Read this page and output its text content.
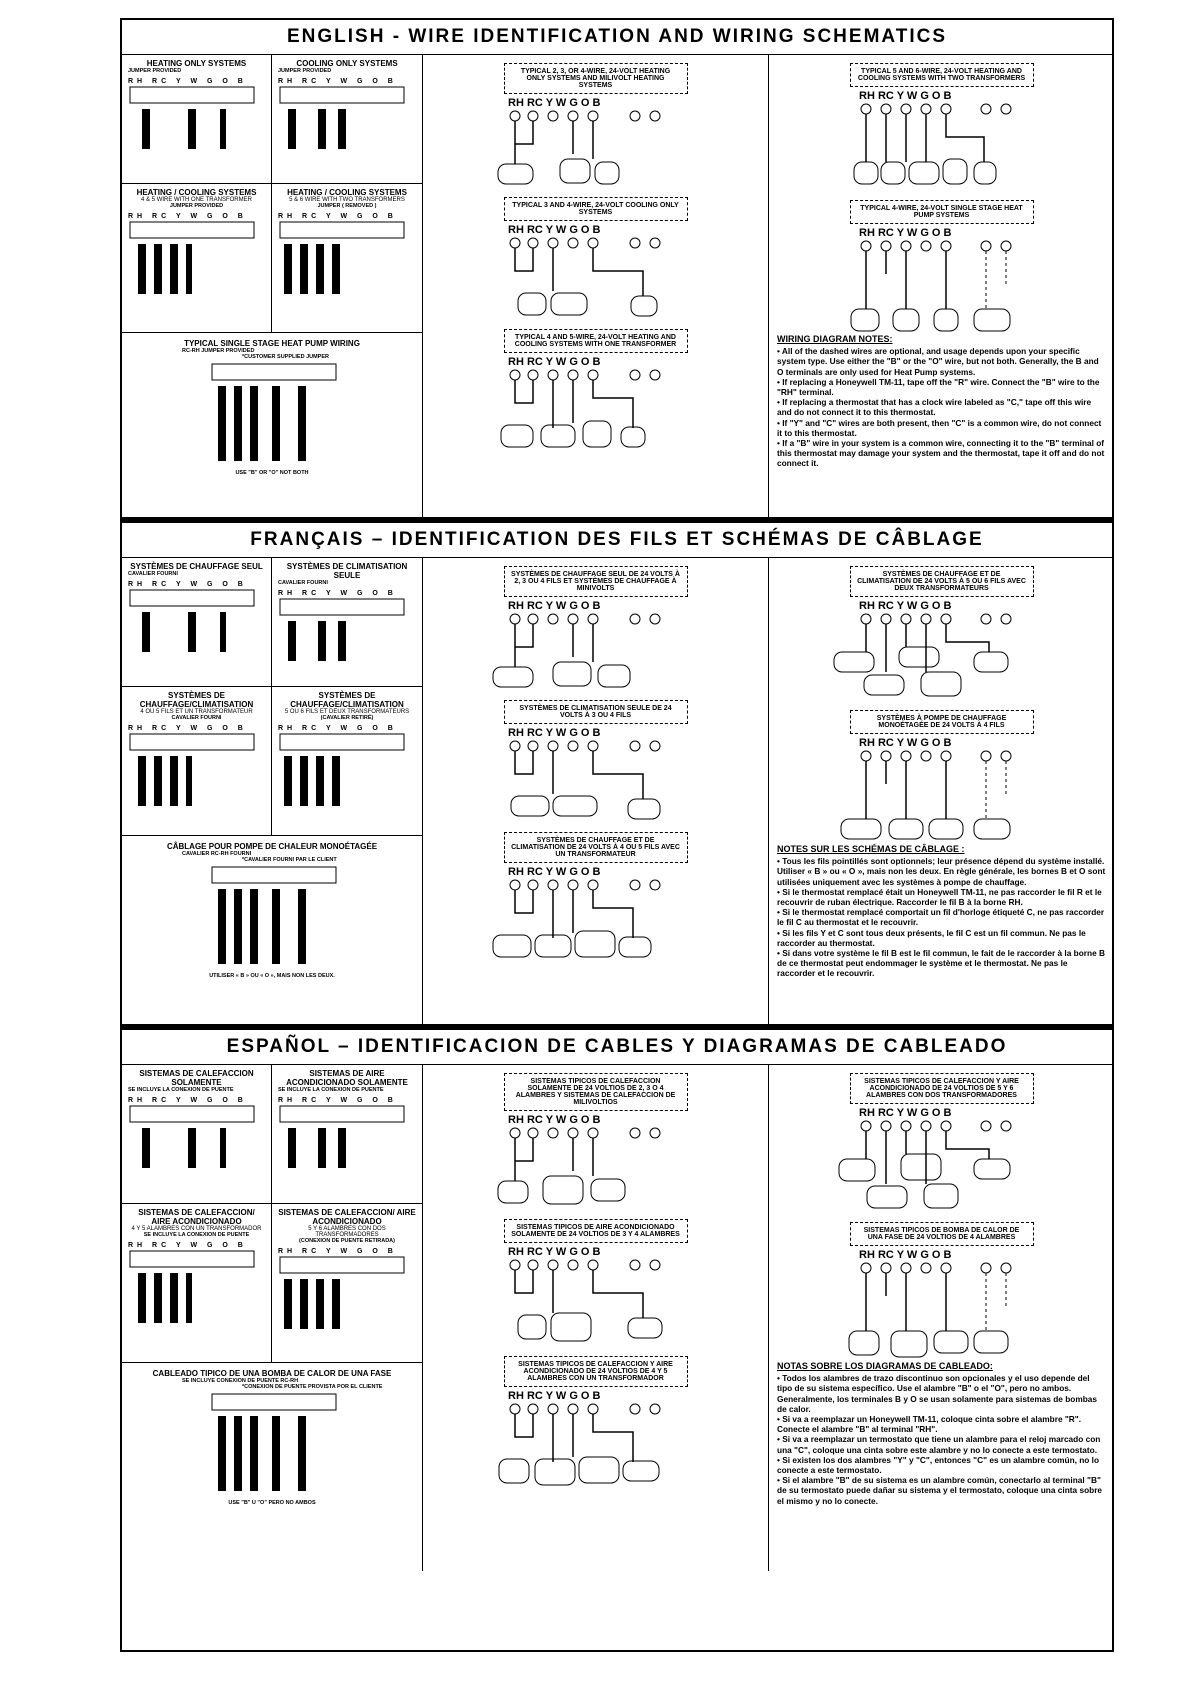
ENGLISH - WIRE IDENTIFICATION AND WIRING SCHEMATICS
HEATING ONLY SYSTEMS
JUMPER PROVIDED
RH RC Y W G O B
COOLING ONLY SYSTEMS
JUMPER PROVIDED
RH RC Y W G O B
HEATING / COOLING SYSTEMS
4 & 5 WIRE WITH ONE TRANSFORMER
JUMPER PROVIDED
RH RC Y W G O B
HEATING / COOLING SYSTEMS
5 & 6 WIRE WITH TWO TRANSFORMERS
JUMPER ( REMOVED )
RH RC Y W G O B
TYPICAL SINGLE STAGE HEAT PUMP WIRING
RC-RH JUMPER PROVIDED
*CUSTOMER SUPPLIED JUMPER
USE "B" OR "O" NOT BOTH
TYPICAL 2, 3, OR 4-WIRE, 24-VOLT HEATING ONLY SYSTEMS AND MILIVOLT HEATING SYSTEMS
RH RC Y W G O B
TYPICAL 3 AND 4-WIRE, 24-VOLT COOLING ONLY SYSTEMS
RH RC Y W G O B
TYPICAL 4 AND 5-WIRE, 24-VOLT HEATING AND COOLING SYSTEMS WITH ONE TRANSFORMER
RH RC Y W G O B
TYPICAL 5 AND 6-WIRE, 24-VOLT HEATING AND COOLING SYSTEMS WITH TWO TRANSFORMERS
RH RC Y W G O B
TYPICAL 4-WIRE, 24-VOLT SINGLE STAGE HEAT PUMP SYSTEMS
RH RC Y W G O B
WIRING DIAGRAM NOTES:

• All of the dashed wires are optional, and usage depends upon your specific system type. Use either the "B" or the "O" wire, but not both. Generally, the B and O terminals are only used for Heat Pump systems.

• If replacing a Honeywell TM-11, tape off the "R" wire. Connect the "B" wire to the "RH" terminal.

• If replacing a thermostat that has a clock wire labeled as "C," tape off this wire and do not connect it to this thermostat.

• If "Y" and "C" wires are both present, then "C" is a common wire, do not connect it to this thermostat.

• If a "B" wire in your system is a common wire, connecting it to the "B" terminal of this thermostat may damage your system and the thermostat, tape it off and do not connect it.

FRANÇAIS – IDENTIFICATION DES FILS ET SCHÉMAS DE CÂBLAGE
SYSTÈMES DE CHAUFFAGE SEUL
CAVALIER FOURNI
RH RC Y W G O B
SYSTÈMES DE CLIMATISATION SEULE
CAVALIER FOURNI
RH RC Y W G O B
SYSTÈMES DE CHAUFFAGE/CLIMATISATION
4 OU 5 FILS ET UN TRANSFORMATEUR
CAVALIER FOURNI
RH RC Y W G O B
SYSTÈMES DE CHAUFFAGE/CLIMATISATION
5 OU 6 FILS ET DEUX TRANSFORMATEURS
(CAVALIER RETIRÉ)
RH RC Y W G O B
CÂBLAGE POUR POMPE DE CHALEUR MONOÉTAGÉE
CAVALIER RC-RH FOURNI
*CAVALIER FOURNI PAR LE CLIENT
UTILISER « B » OU « O », MAIS NON LES DEUX.
SYSTÈMES DE CHAUFFAGE SEUL DE 24 VOLTS À 2, 3 OU 4 FILS ET SYSTÈMES DE CHAUFFAGE À MINIVOLTS
RH RC Y W G O B
SYSTÈMES DE CLIMATISATION SEULE DE 24 VOLTS À 3 OU 4 FILS
RH RC Y W G O B
SYSTÈMES DE CHAUFFAGE ET DE CLIMATISATION DE 24 VOLTS À 4 OU 5 FILS AVEC UN TRANSFORMATEUR
RH RC Y W G O B
SYSTÈMES DE CHAUFFAGE ET DE CLIMATISATION DE 24 VOLTS À 5 OU 6 FILS AVEC DEUX TRANSFORMATEURS
RH RC Y W G O B
SYSTÈMES À POMPE DE CHAUFFAGE MONOÉTAGÉE DE 24 VOLTS À 4 FILS
RH RC Y W G O B
NOTES SUR LES SCHÉMAS DE CÂBLAGE :

• Tous les fils pointillés sont optionnels; leur présence dépend du système installé. Utiliser « B » ou « O », mais non les deux. En règle générale, les bornes B et O sont utilisées uniquement avec les systèmes à pompe de chauffage.

• Si le thermostat remplacé était un Honeywell TM-11, ne pas raccorder le fil R et le recouvrir de ruban électrique. Raccorder le fil B à la borne RH.

• Si le thermostat remplacé comportait un fil d'horloge étiqueté C, ne pas raccorder le fil C au thermostat et le recouvrir.

• Si les fils Y et C sont tous deux présents, le fil C est un fil commun. Ne pas le raccorder au thermostat.

• Si dans votre système le fil B est le fil commun, le fait de le raccorder à la borne B de ce thermostat peut endommager le système et le thermostat. Ne pas le raccorder et le recouvrir.

ESPAÑOL – IDENTIFICACION DE CABLES Y DIAGRAMAS DE CABLEADO
SISTEMAS DE CALEFACCION SOLAMENTE
SE INCLUYE LA CONEXION DE PUENTE
RH RC Y W G O B
SISTEMAS DE AIRE ACONDICIONADO SOLAMENTE
SE INCLUYE LA CONEXION DE PUENTE
RH RC Y W G O B
SISTEMAS DE CALEFACCION/ AIRE ACONDICIONADO
4 Y 5 ALAMBRES CON UN TRANSFORMADOR
SE INCLUYE LA CONEXION DE PUENTE
RH RC Y W G O B
SISTEMAS DE CALEFACCION/ AIRE ACONDICIONADO
5 Y 6 ALAMBRES CON DOS TRANSFORMADORES
(CONEXION DE PUENTE RETIRADA)
RH RC Y W G O B
CABLEADO TIPICO DE UNA BOMBA DE CALOR DE UNA FASE
SE INCLUYE CONEXION DE PUENTE RC-RH
*CONEXION DE PUENTE PROVISTA POR EL CLIENTE
USE "B" U "O" PERO NO AMBOS
SISTEMAS TIPICOS DE CALEFACCION SOLAMENTE DE 24 VOLTIOS DE 2, 3 O 4 ALAMBRES Y SISTEMAS DE CALEFACCION DE MILIVOLTIOS
RH RC Y W G O B
SISTEMAS TIPICOS DE AIRE ACONDICIONADO SOLAMENTE DE 24 VOLTIOS DE 3 Y 4 ALAMBRES
RH RC Y W G O B
SISTEMAS TIPICOS DE CALEFACCION Y AIRE ACONDICIONADO DE 24 VOLTIOS DE 4 Y 5 ALAMBRES CON UN TRANSFORMADOR
RH RC Y W G O B
SISTEMAS TIPICOS DE CALEFACCION Y AIRE ACONDICIONADO DE 24 VOLTIOS DE 5 Y 6 ALAMBRES CON DOS TRANSFORMADORES
RH RC Y W G O B
SISTEMAS TIPICOS DE BOMBA DE CALOR DE UNA FASE DE 24 VOLTIOS DE 4 ALAMBRES
RH RC Y W G O B
NOTAS SOBRE LOS DIAGRAMAS DE CABLEADO:

• Todos los alambres de trazo discontinuo son opcionales y el uso depende del tipo de su sistema específico. Use el alambre "B" o el "O", pero no ambos. Generalmente, los terminales B y O se usan solamente para sistemas de bombas de calor.

• Si va a reemplazar un Honeywell TM-11, coloque cinta sobre el alambre "R". Conecte el alambre "B" al terminal "RH".

• Si va a reemplazar un termostato que tiene un alambre para el reloj marcado con una "C", coloque una cinta sobre este alambre y no lo conecte a este termostato.

• Si existen los dos alambres "Y" y "C", entonces "C" es un alambre común, no lo conecte a este termostato.

• Si el alambre "B" de su sistema es un alambre común, conectarlo al terminal "B" de su termostato puede dañar su sistema y el termostato, coloque una cinta sobre el mismo y no lo conecte.
